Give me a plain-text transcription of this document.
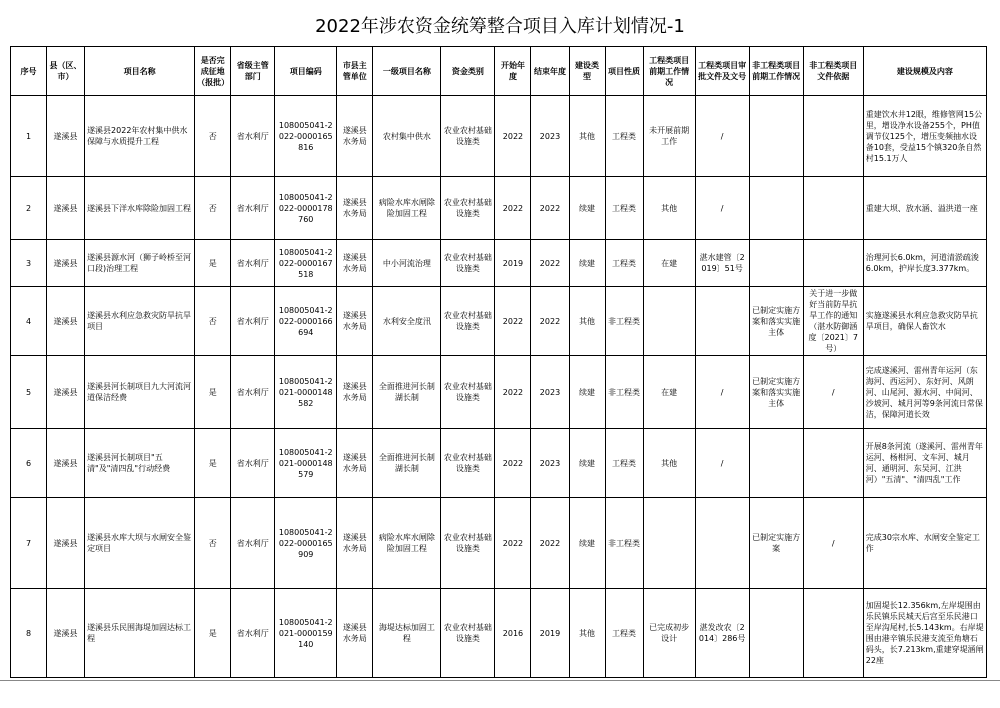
2022年涉农资金统筹整合项目入库计划情况-1
序号	县（区、市）	项目名称	是否完成征地（报批）	省级主管部门	项目编码	市县主管单位	一级项目名称	资金类别	开始年度	结束年度	建设类型	项目性质	工程类项目前期工作情况	工程类项目审批文件及文号	非工程类项目前期工作情况	非工程类项目文件依据	建设规模及内容
1	遂溪县	遂溪县2022年农村集中供水保障与水质提升工程	否	省水利厅	108005041-2022-0000165816	遂溪县水务局	农村集中供水	农业农村基础设施类	2022	2023	其他	工程类	未开展前期工作	/			重建饮水井12眼，维修管网15公里，增设净水设备255个，PH值调节仪125个，增压变频抽水设备10套，受益15个镇320条自然村15.1万人
2	遂溪县	遂溪县下洋水库除险加固工程	否	省水利厅	108005041-2022-0000178760	遂溪县水务局	病险水库水闸除险加固工程	农业农村基础设施类	2022	2022	续建	工程类	其他	/			重建大坝、放水涵、溢洪道一座
3	遂溪县	遂溪县源水河（狮子岭桥至河口段)治理工程	是	省水利厅	108005041-2022-0000167518	遂溪县水务局	中小河流治理	农业农村基础设施类	2019	2022	续建	工程类	在建	湛水建管〔2019〕51号			治理河长6.0km，河道清淤疏浚6.0km，护岸长度3.377km。
4	遂溪县	遂溪县水利应急救灾防旱抗旱项目	否	省水利厅	108005041-2022-0000166694	遂溪县水务局	水利安全度汛	农业农村基础设施类	2022	2022	其他	非工程类			已制定实施方案和落实实施主体	关于进一步做好当前防旱抗旱工作的通知（湛水防御涵度〔2021〕7号）	实施遂溪县水利应急救灾防旱抗旱项目，确保人畜饮水
5	遂溪县	遂溪县河长制项目九大河流河道保洁经费	是	省水利厅	108005041-2021-0000148582	遂溪县水务局	全面推进河长制湖长制	农业农村基础设施类	2022	2023	续建	非工程类	在建	/	已制定实施方案和落实实施主体	/	完成遂溪河、雷州青年运河（东海河、西运河）、东好河、风朗河、山尾河、源水河、中间河、沙坡河、城月河等9条河流日常保洁，保障河道长效
6	遂溪县	遂溪县河长制项目"五清"及"清四乱"行动经费	是	省水利厅	108005041-2021-0000148579	遂溪县水务局	全面推进河长制湖长制	农业农村基础设施类	2022	2023	续建	工程类	其他	/			开展8条河流（遂溪河、雷州青年运河、杨柑河、文车河、城月河、通明河、东吴河、江洪河）"五清"、"清四乱"工作
7	遂溪县	遂溪县水库大坝与水闸安全鉴定项目	否	省水利厅	108005041-2022-0000165909	遂溪县水务局	病险水库水闸除险加固工程	农业农村基础设施类	2022	2022	续建	非工程类			已制定实施方案	/	完成30宗水库、水闸安全鉴定工作
8	遂溪县	遂溪县乐民围海堤加固达标工程	是	省水利厅	108005041-2021-0000159140	遂溪县水务局	海堤达标加固工程	农业农村基础设施类	2016	2019	其他	工程类	已完成初步设计	湛发改农〔2014〕286号			加固堤长12.356km,左岸堤围由乐民镇乐民城天后宫至乐民港口至岸沟尾村,长5.143km。右岸堤围由港辛镇乐民港支流至角塘石码头，长7.213km,重建穿堤涵闸22座
